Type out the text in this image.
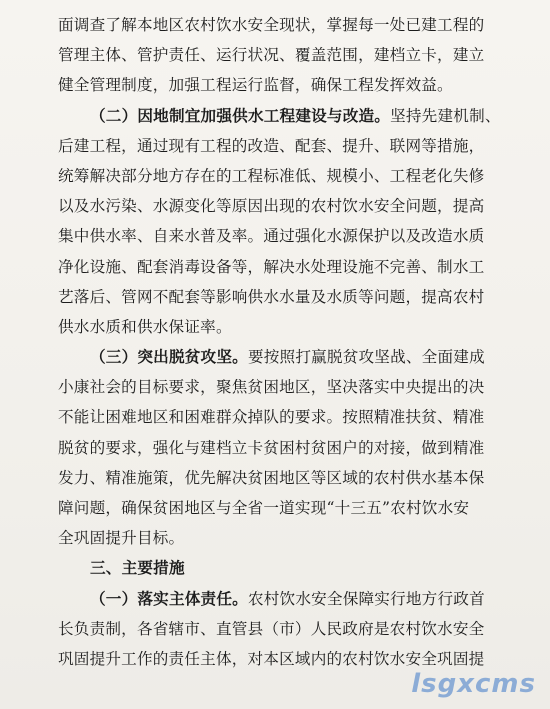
面调查了解本地区农村饮水安全现状，掌握每一处已建工程的
管理主体、管护责任、运行状况、覆盖范围，建档立卡，建立
健全管理制度，加强工程运行监督，确保工程发挥效益。
（二）因地制宜加强供水工程建设与改造。坚持先建机制、
后建工程，通过现有工程的改造、配套、提升、联网等措施，
统筹解决部分地方存在的工程标准低、规模小、工程老化失修
以及水污染、水源变化等原因出现的农村饮水安全问题，提高
集中供水率、自来水普及率。通过强化水源保护以及改造水质
净化设施、配套消毒设备等，解决水处理设施不完善、制水工
艺落后、管网不配套等影响供水水量及水质等问题，提高农村
供水水质和供水保证率。
（三）突出脱贫攻坚。要按照打赢脱贫攻坚战、全面建成
小康社会的目标要求，聚焦贫困地区，坚决落实中央提出的决
不能让困难地区和困难群众掉队的要求。按照精准扶贫、精准
脱贫的要求，强化与建档立卡贫困村贫困户的对接，做到精准
发力、精准施策，优先解决贫困地区等区域的农村供水基本保
障问题，确保贫困地区与全省一道实现“十三五”农村饮水安
全巩固提升目标。
三、主要措施
（一）落实主体责任。农村饮水安全保障实行地方行政首
长负责制，各省辖市、直管县（市）人民政府是农村饮水安全
巩固提升工作的责任主体，对本区域内的农村饮水安全巩固提
lsgxcms
